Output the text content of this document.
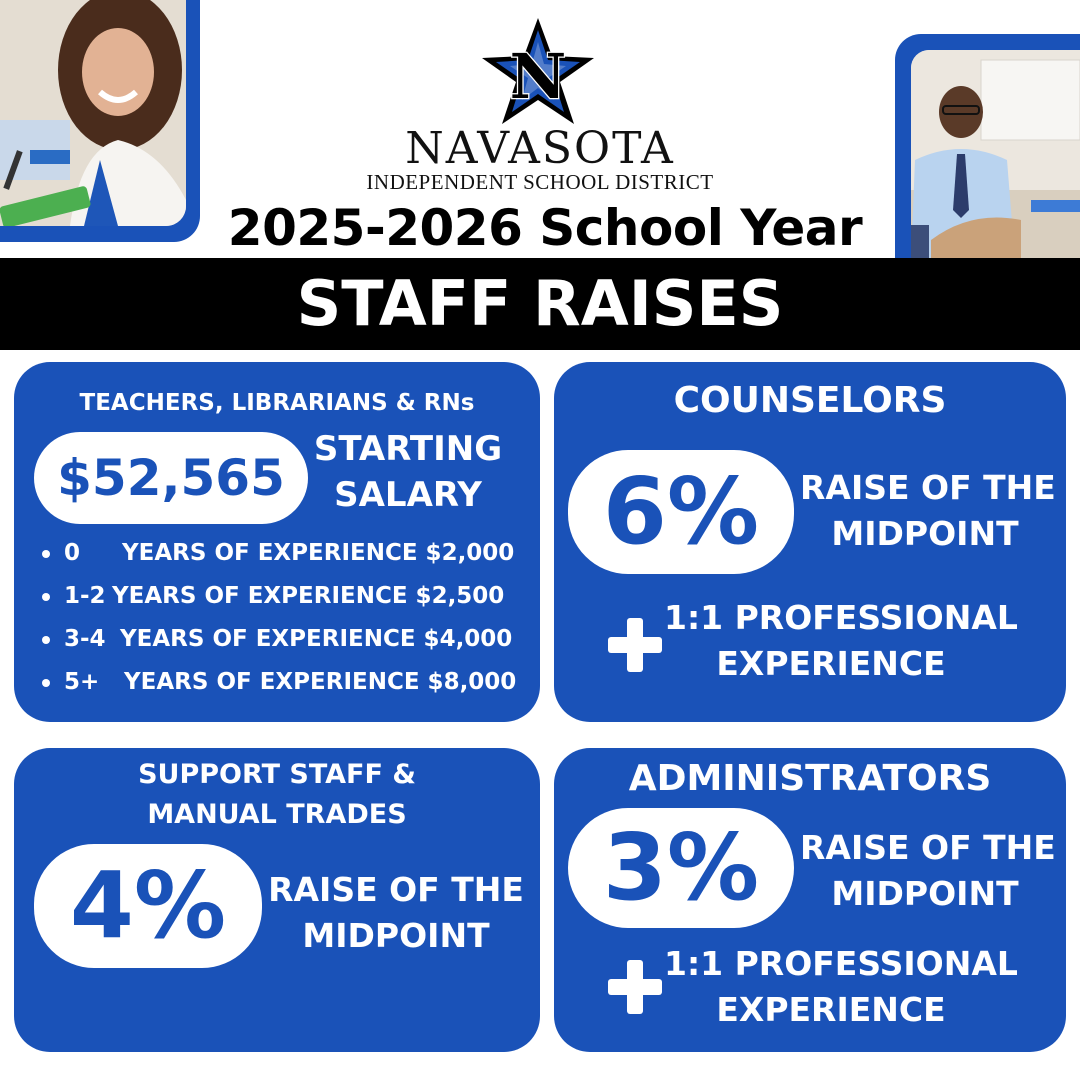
N
NAVASOTA
INDEPENDENT SCHOOL DISTRICT
2025-2026 School Year
STAFF RAISES
TEACHERS, LIBRARIANS & RNs
$52,565 STARTING
SALARY
0 YEARS OF EXPERIENCE $2,000
1-2 YEARS OF EXPERIENCE $2,500
3-4 YEARS OF EXPERIENCE $4,000
5+ YEARS OF EXPERIENCE $8,000
COUNSELORS
6%	RAISE OF THE
MIDPOINT
1:1 PROFESSIONAL
EXPERIENCE
SUPPORT STAFF &
MANUAL TRADES
4%	RAISE OF THE
MIDPOINT
ADMINISTRATORS
3%	RAISE OF THE
MIDPOINT
1:1 PROFESSIONAL
EXPERIENCE
